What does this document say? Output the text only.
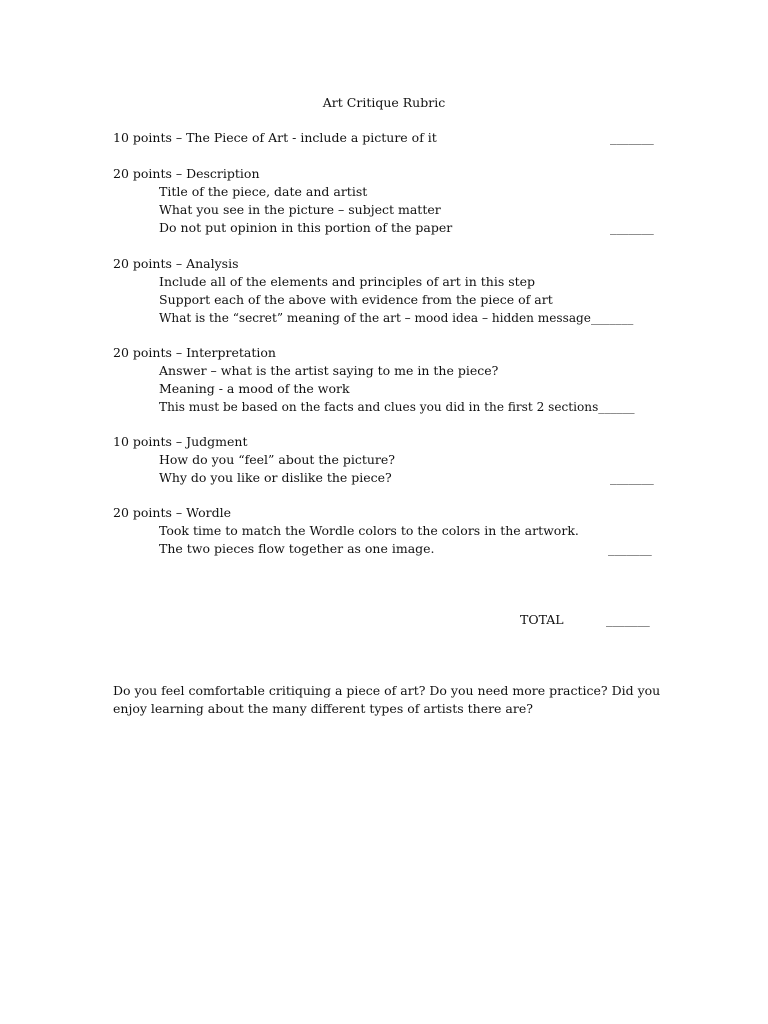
Art Critique Rubric
10 points – The Piece of Art - include a picture of it	_______
20 points – Description
Title of the piece, date and artist
What you see in the picture – subject matter
Do not put opinion in this portion of the paper	_______
20 points – Analysis
Include all of the elements and principles of art in this step
Support each of the above with evidence from the piece of art
What is the “secret” meaning of the art – mood idea – hidden message_______
20 points – Interpretation
Answer – what is the artist saying to me in the piece?
Meaning - a mood of the work
This must be based on the facts and clues you did in the first 2 sections______
10 points – Judgment
How do you “feel” about the picture?
Why do you like or dislike the piece?	_______
20 points – Wordle
Took time to match the Wordle colors to the colors in the artwork.
The two pieces flow together as one image.	_______
TOTAL	_______
Do you feel comfortable critiquing a piece of art? Do you need more practice? Did you enjoy learning about the many different types of artists there are?
